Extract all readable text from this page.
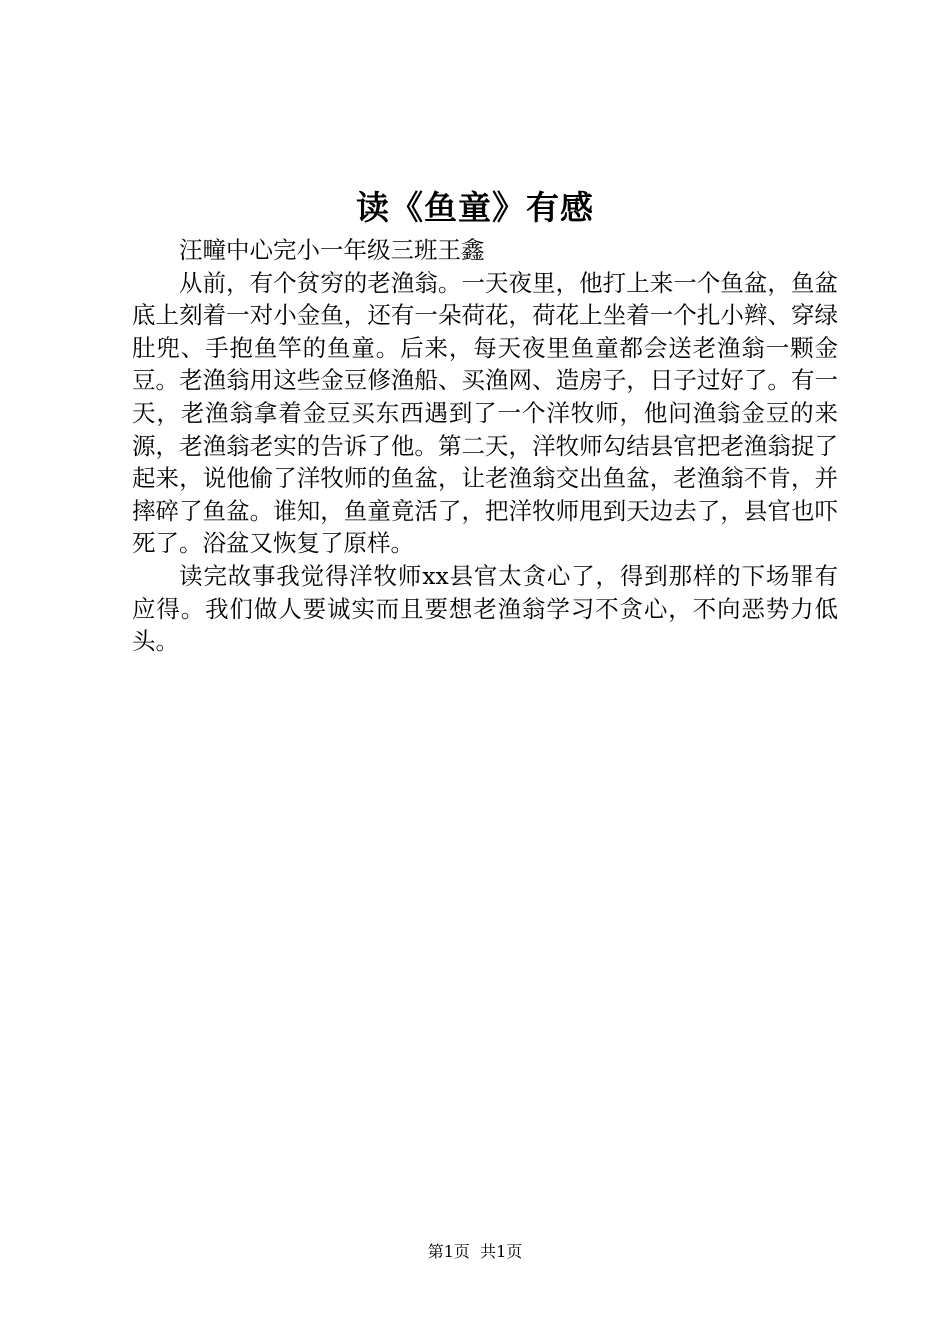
读《鱼童》有感

汪疃中心完小一年级三班王鑫

从前，有个贫穷的老渔翁。一天夜里，他打上来一个鱼盆，鱼盆底上刻着一对小金鱼，还有一朵荷花，荷花上坐着一个扎小辫、穿绿肚兜、手抱鱼竿的鱼童。后来，每天夜里鱼童都会送老渔翁一颗金豆。老渔翁用这些金豆修渔船、买渔网、造房子，日子过好了。有一天，老渔翁拿着金豆买东西遇到了一个洋牧师，他问渔翁金豆的来源，老渔翁老实的告诉了他。第二天，洋牧师勾结县官把老渔翁捉了起来，说他偷了洋牧师的鱼盆，让老渔翁交出鱼盆，老渔翁不肯，并摔碎了鱼盆。谁知，鱼童竟活了，把洋牧师甩到天边去了，县官也吓死了。浴盆又恢复了原样。

读完故事我觉得洋牧师xx县官太贪心了，得到那样的下场罪有应得。我们做人要诚实而且要想老渔翁学习不贪心，不向恶势力低头。

第1页 共1页
